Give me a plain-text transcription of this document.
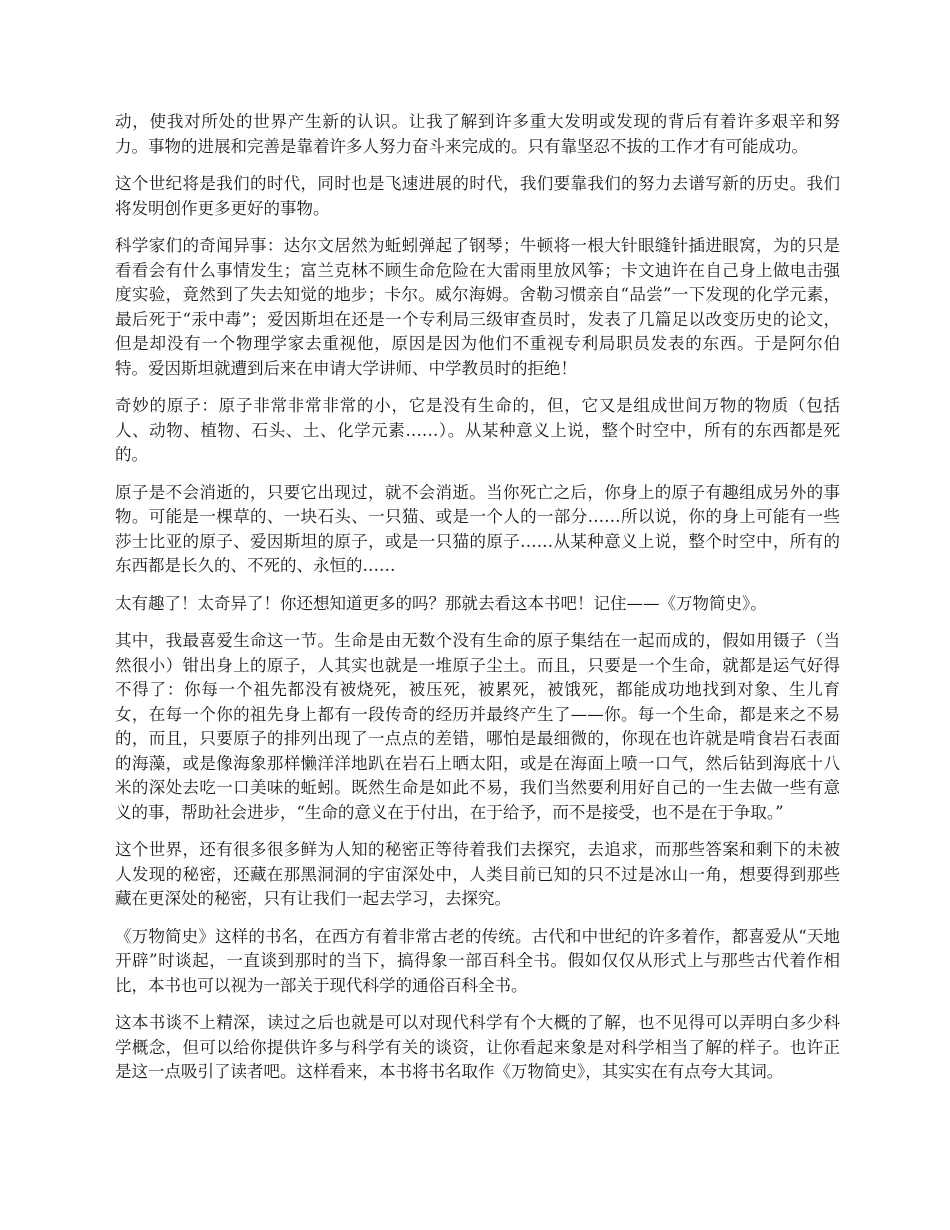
动，使我对所处的世界产生新的认识。让我了解到许多重大发明或发现的背后有着许多艰辛和努力。事物的进展和完善是靠着许多人努力奋斗来完成的。只有靠坚忍不拔的工作才有可能成功。

这个世纪将是我们的时代，同时也是飞速进展的时代，我们要靠我们的努力去谱写新的历史。我们将发明创作更多更好的事物。

科学家们的奇闻异事：达尔文居然为蚯蚓弹起了钢琴；牛顿将一根大针眼缝针插进眼窝，为的只是看看会有什么事情发生；富兰克林不顾生命危险在大雷雨里放风筝；卡文迪许在自己身上做电击强度实验，竟然到了失去知觉的地步；卡尔。威尔海姆。舍勒习惯亲自“品尝”一下发现的化学元素，最后死于“汞中毒”；爱因斯坦在还是一个专利局三级审查员时，发表了几篇足以改变历史的论文，但是却没有一个物理学家去重视他，原因是因为他们不重视专利局职员发表的东西。于是阿尔伯特。爱因斯坦就遭到后来在申请大学讲师、中学教员时的拒绝！

奇妙的原子：原子非常非常非常的小，它是没有生命的，但，它又是组成世间万物的物质（包括人、动物、植物、石头、土、化学元素……）。从某种意义上说，整个时空中，所有的东西都是死的。

原子是不会消逝的，只要它出现过，就不会消逝。当你死亡之后，你身上的原子有趣组成另外的事物。可能是一棵草的、一块石头、一只猫、或是一个人的一部分……所以说，你的身上可能有一些莎士比亚的原子、爱因斯坦的原子，或是一只猫的原子……从某种意义上说，整个时空中，所有的东西都是长久的、不死的、永恒的……

太有趣了！太奇异了！你还想知道更多的吗？那就去看这本书吧！记住——《万物简史》。

其中，我最喜爱生命这一节。生命是由无数个没有生命的原子集结在一起而成的，假如用镊子（当然很小）钳出身上的原子，人其实也就是一堆原子尘土。而且，只要是一个生命，就都是运气好得不得了：你每一个祖先都没有被烧死，被压死，被累死，被饿死，都能成功地找到对象、生儿育女，在每一个你的祖先身上都有一段传奇的经历并最终产生了——你。每一个生命，都是来之不易的，而且，只要原子的排列出现了一点点的差错，哪怕是最细微的，你现在也许就是啃食岩石表面的海藻，或是像海象那样懒洋洋地趴在岩石上晒太阳，或是在海面上喷一口气，然后钻到海底十八米的深处去吃一口美味的蚯蚓。既然生命是如此不易，我们当然要利用好自己的一生去做一些有意义的事，帮助社会进步，“生命的意义在于付出，在于给予，而不是接受，也不是在于争取。”

这个世界，还有很多很多鲜为人知的秘密正等待着我们去探究，去追求，而那些答案和剩下的未被人发现的秘密，还藏在那黑洞洞的宇宙深处中，人类目前已知的只不过是冰山一角，想要得到那些藏在更深处的秘密，只有让我们一起去学习，去探究。

《万物简史》这样的书名，在西方有着非常古老的传统。古代和中世纪的许多着作，都喜爱从“天地开辟”时谈起，一直谈到那时的当下，搞得象一部百科全书。假如仅仅从形式上与那些古代着作相比，本书也可以视为一部关于现代科学的通俗百科全书。

这本书谈不上精深，读过之后也就是可以对现代科学有个大概的了解，也不见得可以弄明白多少科学概念，但可以给你提供许多与科学有关的谈资，让你看起来象是对科学相当了解的样子。也许正是这一点吸引了读者吧。这样看来，本书将书名取作《万物简史》，其实实在有点夸大其词。
